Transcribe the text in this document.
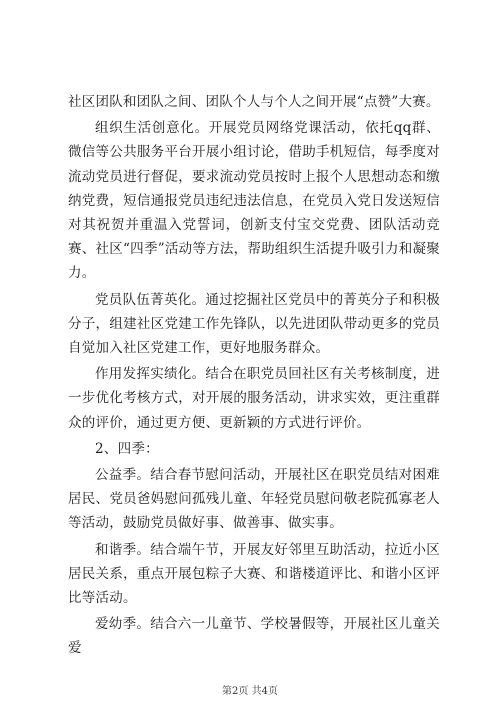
社区团队和团队之间、团队个人与个人之间开展“点赞”大赛。

组织生活创意化。开展党员网络党课活动，依托qq群、微信等公共服务平台开展小组讨论，借助手机短信，每季度对流动党员进行督促，要求流动党员按时上报个人思想动态和缴纳党费，短信通报党员违纪违法信息，在党员入党日发送短信对其祝贺并重温入党誓词，创新支付宝交党费、团队活动竞赛、社区“四季”活动等方法，帮助组织生活提升吸引力和凝聚力。

党员队伍菁英化。通过挖掘社区党员中的菁英分子和积极分子，组建社区党建工作先锋队，以先进团队带动更多的党员自觉加入社区党建工作，更好地服务群众。

作用发挥实绩化。结合在职党员回社区有关考核制度，进一步优化考核方式，对开展的服务活动，讲求实效，更注重群众的评价，通过更方便、更新颖的方式进行评价。

2、四季：

公益季。结合春节慰问活动，开展社区在职党员结对困难居民、党员爸妈慰问孤残儿童、年轻党员慰问敬老院孤寡老人等活动，鼓励党员做好事、做善事、做实事。

和谐季。结合端午节，开展友好邻里互助活动，拉近小区居民关系，重点开展包粽子大赛、和谐楼道评比、和谐小区评比等活动。

爱幼季。结合六一儿童节、学校暑假等，开展社区儿童关爱

第2页 共4页
